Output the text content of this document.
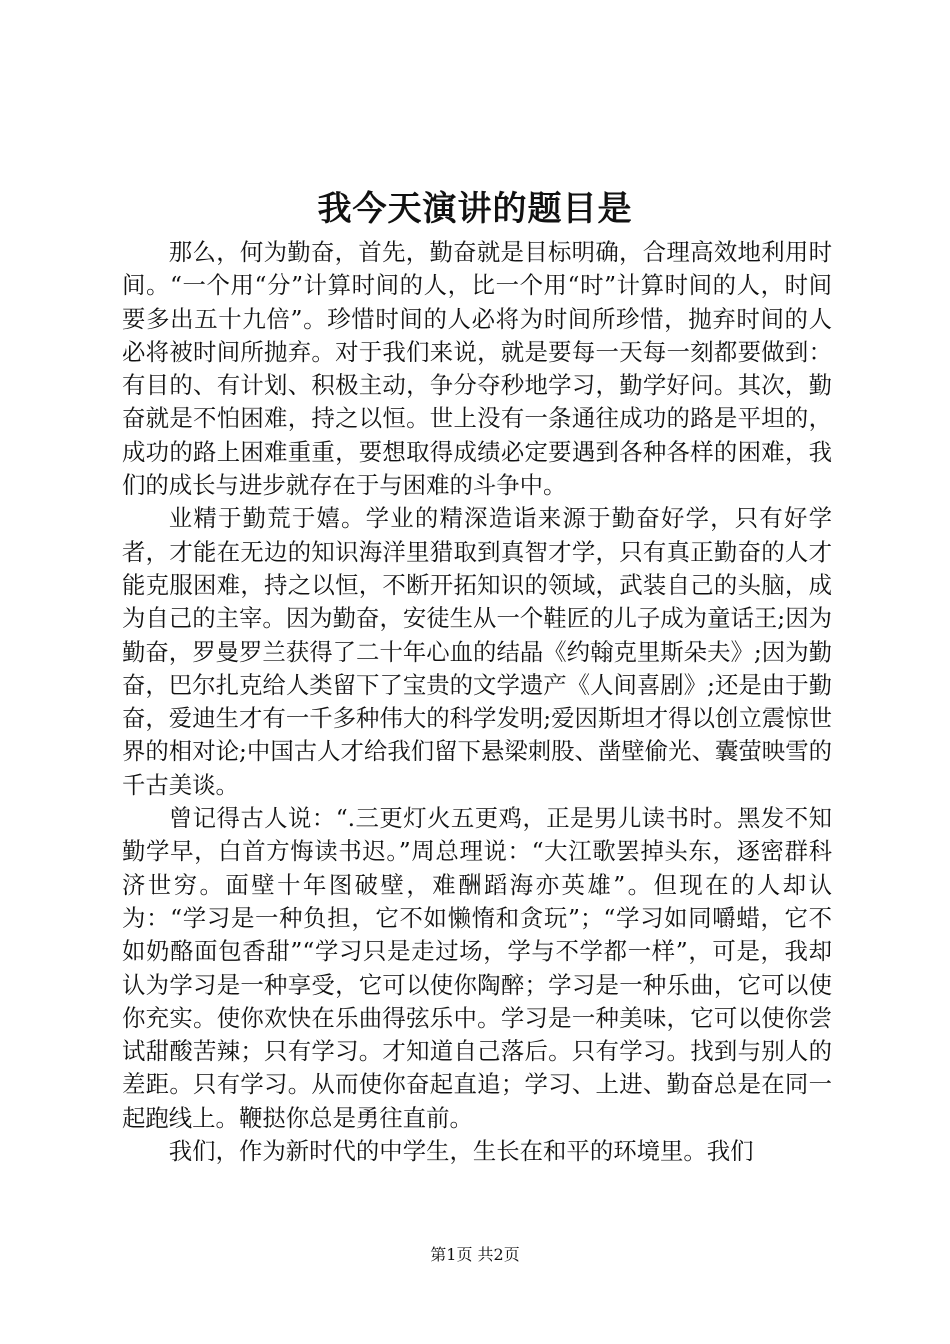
我今天演讲的题目是

那么，何为勤奋，首先，勤奋就是目标明确，合理高效地利用时间。“一个用“分”计算时间的人，比一个用“时”计算时间的人，时间要多出五十九倍”。珍惜时间的人必将为时间所珍惜，抛弃时间的人必将被时间所抛弃。对于我们来说，就是要每一天每一刻都要做到：有目的、有计划、积极主动，争分夺秒地学习，勤学好问。其次，勤奋就是不怕困难，持之以恒。世上没有一条通往成功的路是平坦的，成功的路上困难重重，要想取得成绩必定要遇到各种各样的困难，我们的成长与进步就存在于与困难的斗争中。

业精于勤荒于嬉。学业的精深造诣来源于勤奋好学，只有好学者，才能在无边的知识海洋里猎取到真智才学，只有真正勤奋的人才能克服困难，持之以恒，不断开拓知识的领域，武装自己的头脑，成为自己的主宰。因为勤奋，安徒生从一个鞋匠的儿子成为童话王;因为勤奋，罗曼罗兰获得了二十年心血的结晶《约翰克里斯朵夫》;因为勤奋，巴尔扎克给人类留下了宝贵的文学遗产《人间喜剧》;还是由于勤奋，爱迪生才有一千多种伟大的科学发明;爱因斯坦才得以创立震惊世界的相对论;中国古人才给我们留下悬梁刺股、凿壁偷光、囊萤映雪的千古美谈。

曾记得古人说：“.三更灯火五更鸡，正是男儿读书时。黑发不知勤学早，白首方悔读书迟。”周总理说：“大江歌罢掉头东，逐密群科济世穷。面壁十年图破壁，难酬蹈海亦英雄”。但现在的人却认为：“学习是一种负担，它不如懒惰和贪玩”；“学习如同嚼蜡，它不如奶酪面包香甜”“学习只是走过场，学与不学都一样”，可是，我却认为学习是一种享受，它可以使你陶醉；学习是一种乐曲，它可以使你充实。使你欢快在乐曲得弦乐中。学习是一种美味，它可以使你尝试甜酸苦辣；只有学习。才知道自己落后。只有学习。找到与别人的差距。只有学习。从而使你奋起直追；学习、上进、勤奋总是在同一起跑线上。鞭挞你总是勇往直前。

我们，作为新时代的中学生，生长在和平的环境里。我们

第1页 共2页
